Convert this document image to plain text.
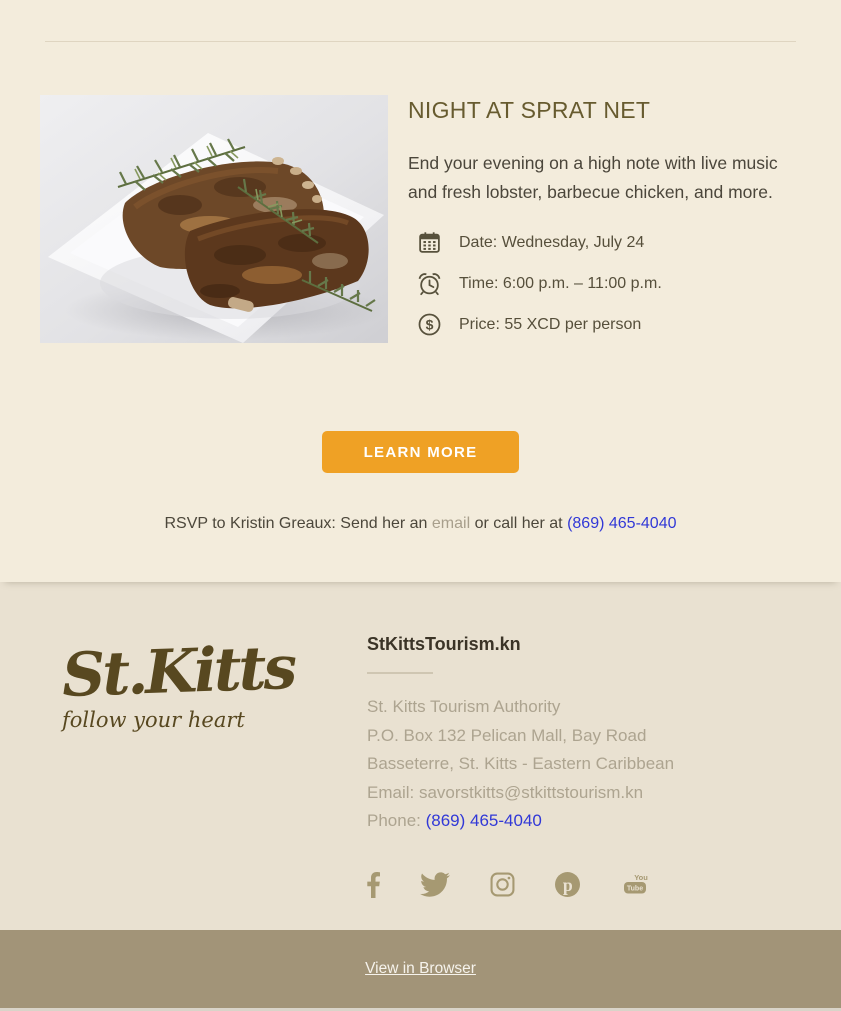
NIGHT AT SPRAT NET

End your evening on a high note with live music and fresh lobster, barbecue chicken, and more.

Date: Wednesday, July 24
Time: 6:00 p.m. – 11:00 p.m.
$ Price: 55 XCD per person
LEARN MORE

RSVP to Kristin Greaux: Send her an email or call her at (869) 465-4040

St.Kitts
follow your heart
StKittsTourism.kn
St. Kitts Tourism Authority
P.O. Box 132 Pelican Mall, Bay Road
Basseterre, St. Kitts - Eastern Caribbean
Email: savorstkitts@stkittstourism.kn
Phone: (869) 465-4040
p	You
Tube
View in Browser
